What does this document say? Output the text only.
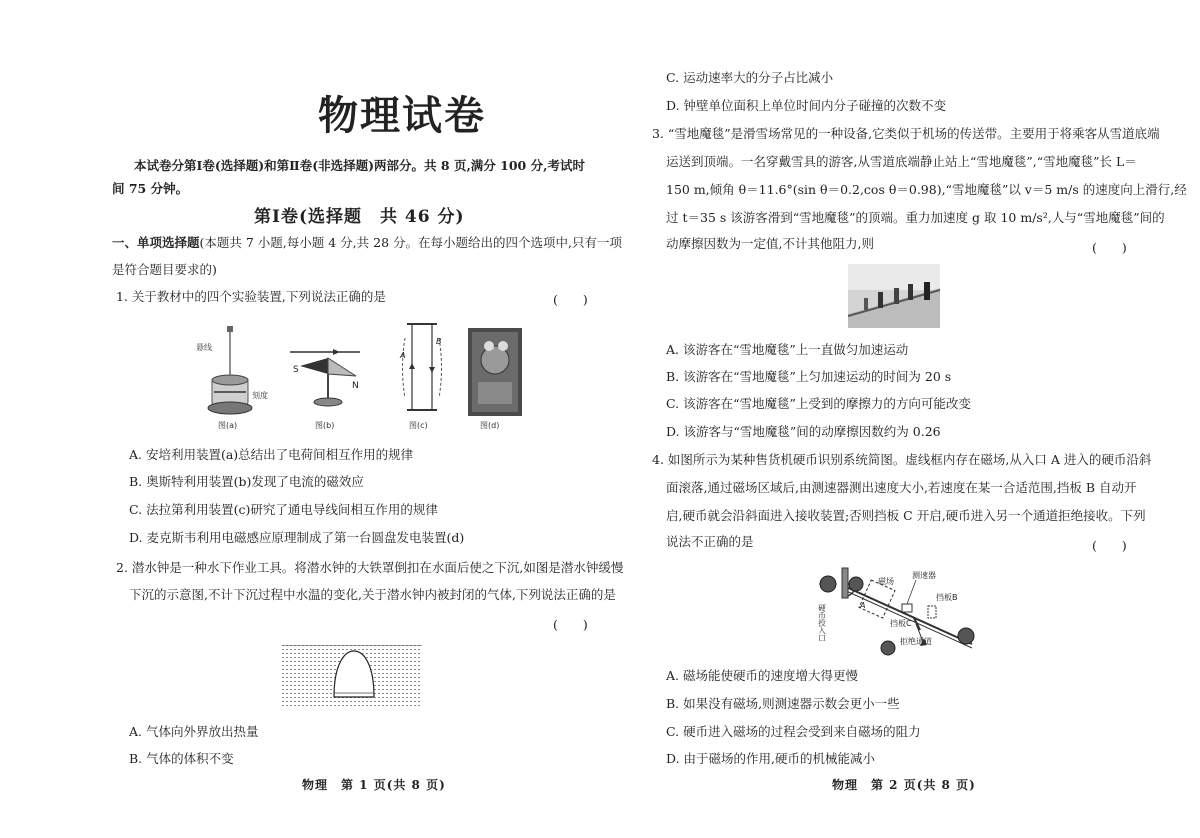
物理试卷
本试卷分第Ⅰ卷(选择题)和第Ⅱ卷(非选择题)两部分。共 8 页,满分 100 分,考试时间 75 分钟。
第Ⅰ卷(选择题　共 46 分)
一、单项选择题(本题共 7 小题,每小题 4 分,共 28 分。在每小题给出的四个选项中,只有一项
是符合题目要求的)
1. 关于教材中的四个实验装置,下列说法正确的是	(　　)
悬线
刻度
图(a)
S
N
图(b)
A
B
图(c)	图(d)
A. 安培利用装置(a)总结出了电荷间相互作用的规律
B. 奥斯特利用装置(b)发现了电流的磁效应
C. 法拉第利用装置(c)研究了通电导线间相互作用的规律
D. 麦克斯韦利用电磁感应原理制成了第一台圆盘发电装置(d)
2. 潜水钟是一种水下作业工具。将潜水钟的大铁罩倒扣在水面后使之下沉,如图是潜水钟缓慢
下沉的示意图,不计下沉过程中水温的变化,关于潜水钟内被封闭的气体,下列说法正确的是
(　　)
A. 气体向外界放出热量
B. 气体的体积不变
物理　第 1 页(共 8 页)
C. 运动速率大的分子占比减小
D. 钟壁单位面积上单位时间内分子碰撞的次数不变
3. “雪地魔毯”是滑雪场常见的一种设备,它类似于机场的传送带。主要用于将乘客从雪道底端
运送到顶端。一名穿戴雪具的游客,从雪道底端静止站上“雪地魔毯”,“雪地魔毯”长 L＝
150 m,倾角 θ＝11.6°(sin θ＝0.2,cos θ＝0.98),“雪地魔毯”以 v＝5 m/s 的速度向上滑行,经
过 t＝35 s 该游客滑到“雪地魔毯”的顶端。重力加速度 g 取 10 m/s²,人与“雪地魔毯”间的
动摩擦因数为一定值,不计其他阻力,则	(　　)
A. 该游客在“雪地魔毯”上一直做匀加速运动
B. 该游客在“雪地魔毯”上匀加速运动的时间为 20 s
C. 该游客在“雪地魔毯”上受到的摩擦力的方向可能改变
D. 该游客与“雪地魔毯”间的动摩擦因数约为 0.26
4. 如图所示为某种售货机硬币识别系统简图。虚线框内存在磁场,从入口 A 进入的硬币沿斜
面滚落,通过磁场区域后,由测速器测出速度大小,若速度在某一合适范围,挡板 B 自动开
启,硬币就会沿斜面进入接收装置;否则挡板 C 开启,硬币进入另一个通道拒绝接收。下列
说法不正确的是	(　　)
磁场
测速器
挡板B
挡板C
A
拒绝通道
硬币投入口
A. 磁场能使硬币的速度增大得更慢
B. 如果没有磁场,则测速器示数会更小一些
C. 硬币进入磁场的过程会受到来自磁场的阻力
D. 由于磁场的作用,硬币的机械能减小
物理　第 2 页(共 8 页)
